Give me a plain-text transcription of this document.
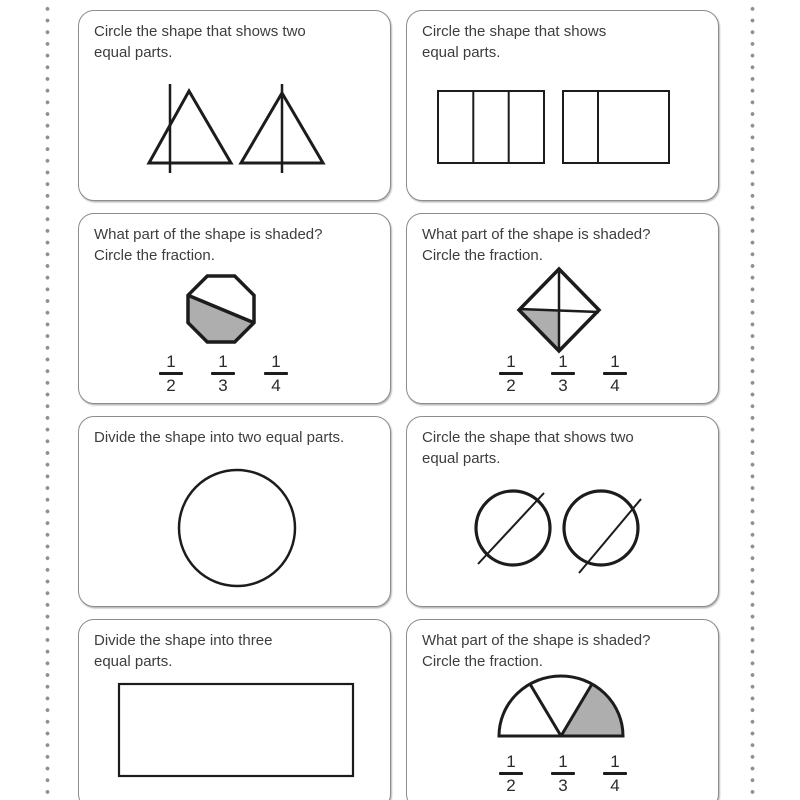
Circle the shape that shows two
equal parts.
Circle the shape that shows
equal parts.
What part of the shape is shaded?
Circle the fraction.
1
2
1
3
1
4
What part of the shape is shaded?
Circle the fraction.
1
2
1
3
1
4
Divide the shape into two equal parts.	Circle the shape that shows two
equal parts.
Divide the shape into three
equal parts.
What part of the shape is shaded?
Circle the fraction.
1
2
1
3
1
4
